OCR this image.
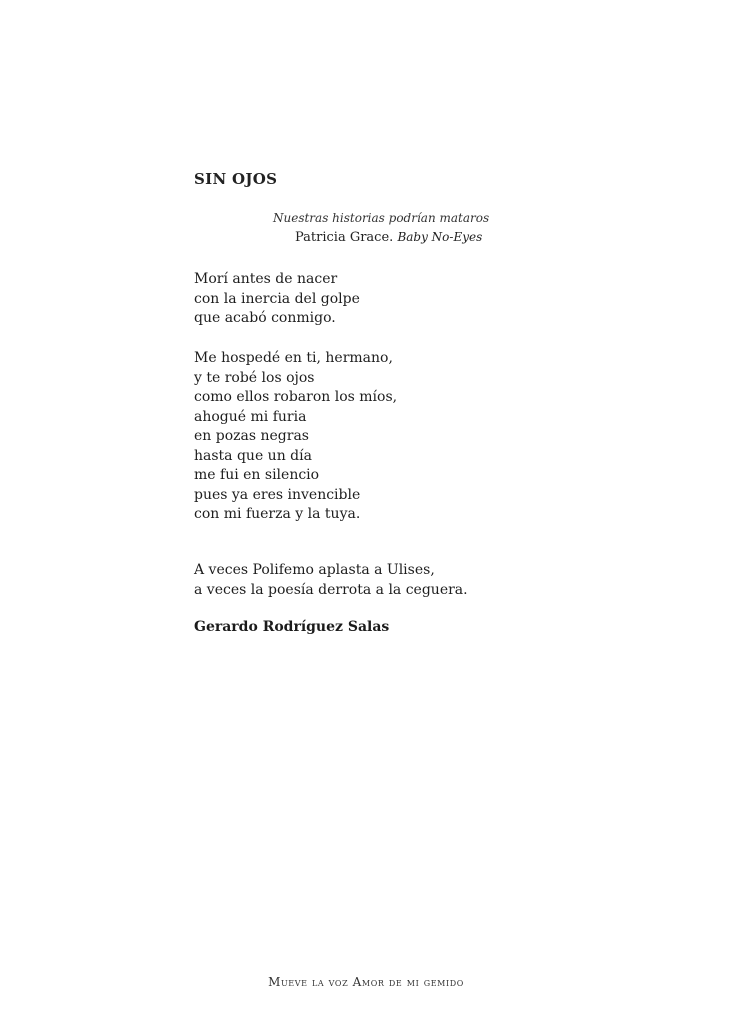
SIN OJOS
Nuestras historias podrían mataros
Patricia Grace. Baby No-Eyes
Morí antes de nacer
con la inercia del golpe
que acabó conmigo.
Me hospedé en ti, hermano,
y te robé los ojos
como ellos robaron los míos,
ahogué mi furia
en pozas negras
hasta que un día
me fui en silencio
pues ya eres invencible
con mi fuerza y la tuya.
A veces Polifemo aplasta a Ulises,
a veces la poesía derrota a la ceguera.
Gerardo Rodríguez Salas
Mueve la voz Amor de mi gemido
